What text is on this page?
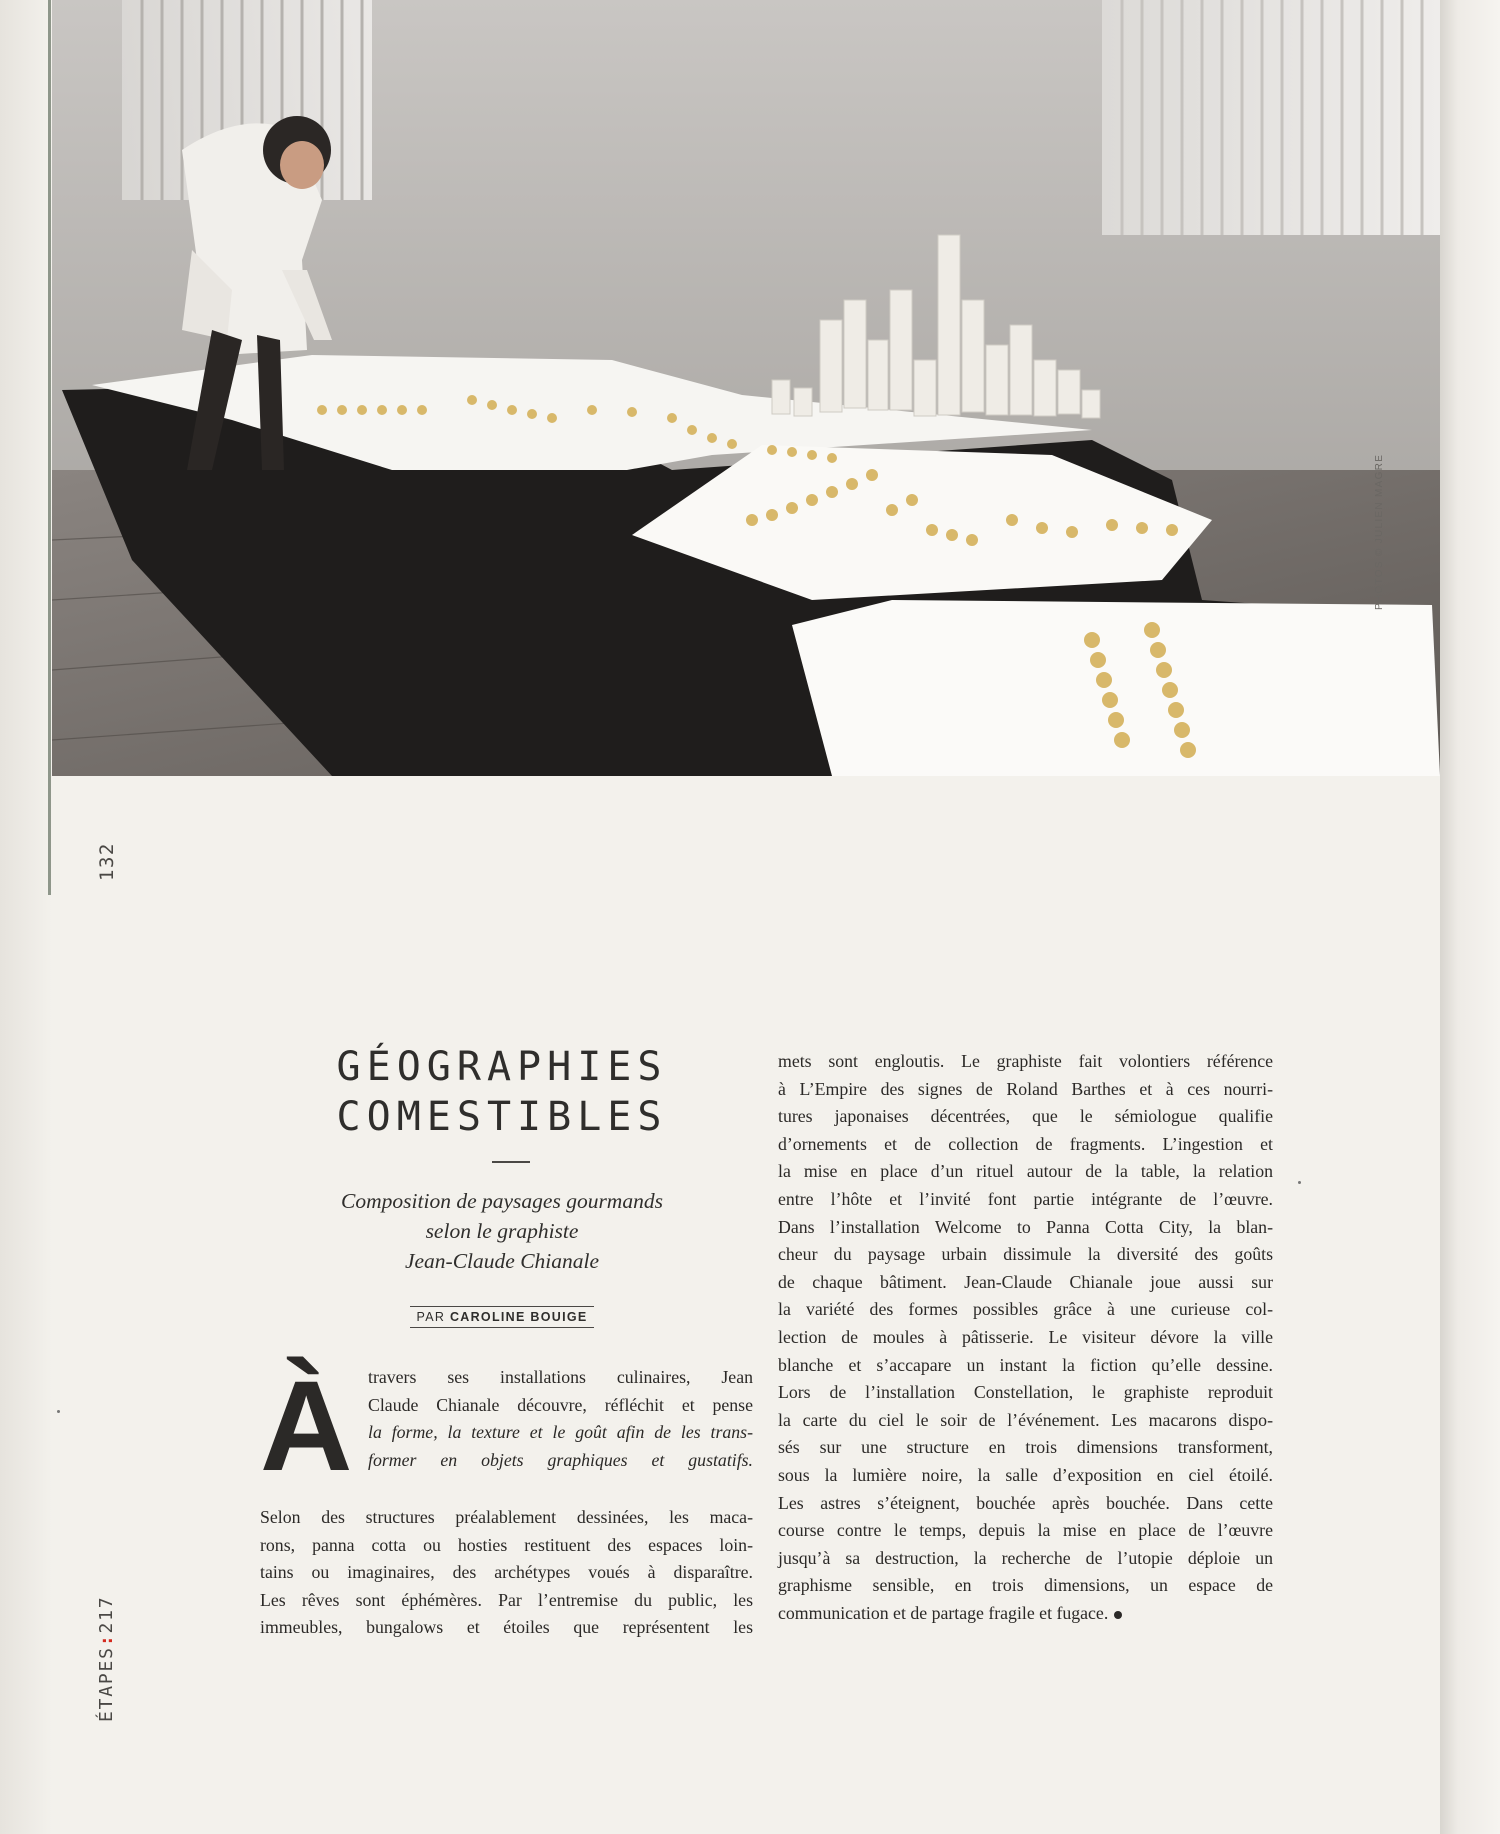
PHOTOS © JULIEN MAGRE
132
ÉTAPES:217
GÉOGRAPHIES
COMESTIBLES
Composition de paysages gourmands
selon le graphiste
Jean-Claude Chianale
PAR CAROLINE BOUIGE
À travers ses installations culinaires, Jean
Claude Chianale découvre, réfléchit et pense
la forme, la texture et le goût afin de les trans-
former en objets graphiques et gustatifs.
Selon des structures préalablement dessinées, les maca-
rons, panna cotta ou hosties restituent des espaces loin-
tains ou imaginaires, des archétypes voués à disparaître.
Les rêves sont éphémères. Par l’entremise du public, les
immeubles, bungalows et étoiles que représentent les
mets sont engloutis. Le graphiste fait volontiers référence
à L’Empire des signes de Roland Barthes et à ces nourri-
tures japonaises décentrées, que le sémiologue qualifie
d’ornements et de collection de fragments. L’ingestion et
la mise en place d’un rituel autour de la table, la relation
entre l’hôte et l’invité font partie intégrante de l’œuvre.
Dans l’installation Welcome to Panna Cotta City, la blan-
cheur du paysage urbain dissimule la diversité des goûts
de chaque bâtiment. Jean-Claude Chianale joue aussi sur
la variété des formes possibles grâce à une curieuse col-
lection de moules à pâtisserie. Le visiteur dévore la ville
blanche et s’accapare un instant la fiction qu’elle dessine.
Lors de l’installation Constellation, le graphiste reproduit
la carte du ciel le soir de l’événement. Les macarons dispo-
sés sur une structure en trois dimensions transforment,
sous la lumière noire, la salle d’exposition en ciel étoilé.
Les astres s’éteignent, bouchée après bouchée. Dans cette
course contre le temps, depuis la mise en place de l’œuvre
jusqu’à sa destruction, la recherche de l’utopie déploie un
graphisme sensible, en trois dimensions, un espace de
communication et de partage fragile et fugace.
